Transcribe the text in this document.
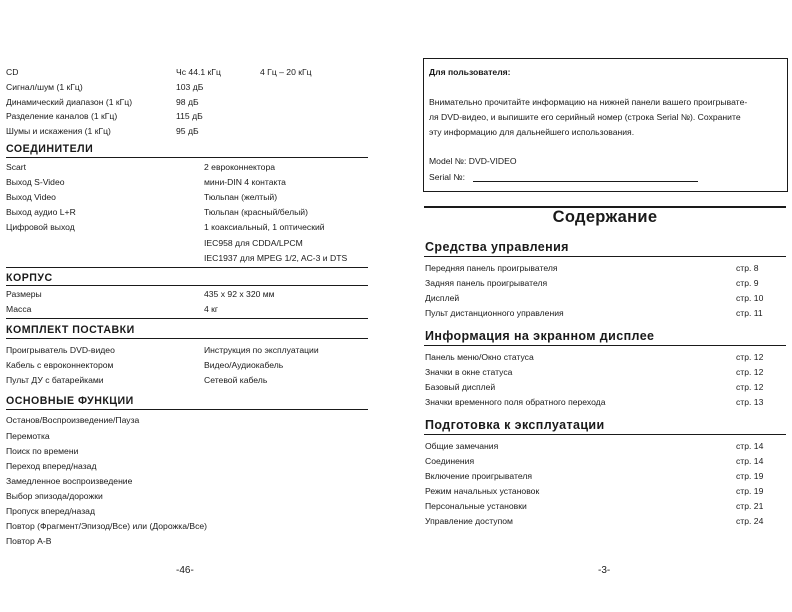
CD	Чс 44.1 кГц	4 Гц – 20 кГц
Сигнал/шум (1 кГц)	103 дБ
Динамический диапазон (1 кГц)	98 дБ
Разделение каналов (1 кГц)	115 дБ
Шумы и искажения (1 кГц)	95 дБ
СОЕДИНИТЕЛИ
Scart	2 евроконнектора
Выход S-Video	мини-DIN 4 контакта
Выход Video	Тюльпан (желтый)
Выход аудио L+R	Тюльпан (красный/белый)
Цифровой выход	1 коаксиальный, 1 оптический
IEC958 для CDDA/LPCM
IEC1937 для MPEG 1/2, AC-3 и DTS
КОРПУС
Размеры	435 х 92 х 320 мм
Масса	4 кг
КОМПЛЕКТ ПОСТАВКИ
Проигрыватель DVD-видео	Инструкция по эксплуатации
Кабель с евроконнектором	Видео/Аудиокабель
Пульт ДУ с батарейками	Сетевой кабель
ОСНОВНЫЕ ФУНКЦИИ
Останов/Воспроизведение/Пауза
Перемотка
Поиск по времени
Переход вперед/назад
Замедленное воспроизведение
Выбор эпизода/дорожки
Пропуск вперед/назад
Повтор (Фрагмент/Эпизод/Все) или (Дорожка/Все)
Повтор А-В
-46-
Для пользователя:
Внимательно прочитайте информацию на нижней панели вашего проигрыватe-
ля DVD-видео, и выпишите его серийный номер (строка Serial №). Сохраните
эту информацию для дальнейшего использования.
Model №: DVD-VIDEO
Serial №:
Содержание
Средства управления
Передняя панель проигрывателя	стр. 8
Задняя панель проигрывателя	стр. 9
Дисплей	стр. 10
Пульт дистанционного управления	стр. 11
Информация на экранном дисплее
Панель меню/Окно статуса	стр. 12
Значки в окне статуса	стр. 12
Базовый дисплей	стр. 12
Значки временного поля обратного перехода	стр. 13
Подготовка к эксплуатации
Общие замечания	стр. 14
Соединения	стр. 14
Включение проигрывателя	стр. 19
Режим начальных установок	стр. 19
Персональные установки	стр. 21
Управление доступом	стр. 24
-3-
